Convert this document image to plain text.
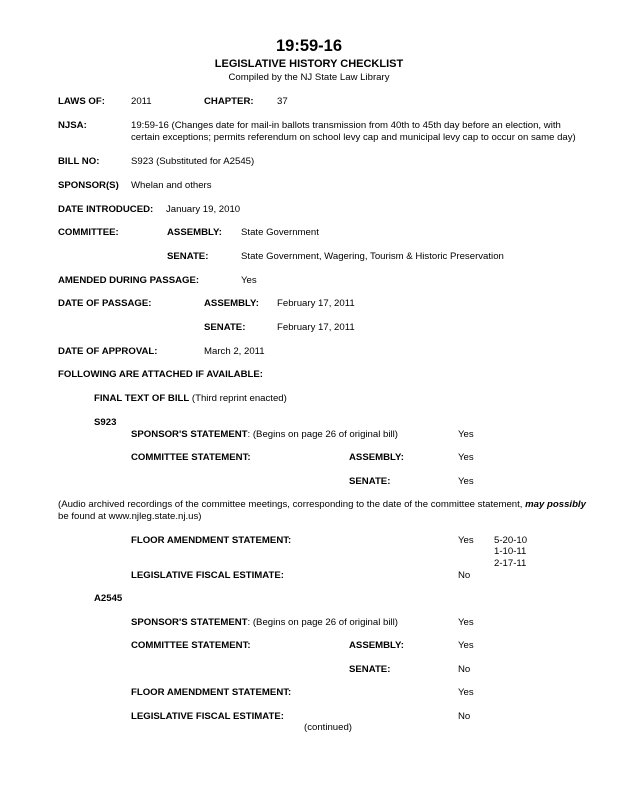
19:59-16
LEGISLATIVE HISTORY CHECKLIST
Compiled by the NJ State Law Library
LAWS OF:	2011	CHAPTER: 37
NJSA:	19:59-16 (Changes date for mail-in ballots transmission from 40th to 45th day before an election, with
certain exceptions; permits referendum on school levy cap and municipal levy cap to occur on same day)
BILL NO:	S923 (Substituted for A2545)
SPONSOR(S) Whelan and others
DATE INTRODUCED: January 19, 2010
COMMITTEE:	ASSEMBLY: State Government
SENATE:	State Government, Wagering, Tourism & Historic Preservation
AMENDED DURING PASSAGE:	Yes
DATE OF PASSAGE:	ASSEMBLY: February 17, 2011
SENATE:	February 17, 2011
DATE OF APPROVAL:	March 2, 2011
FOLLOWING ARE ATTACHED IF AVAILABLE:
FINAL TEXT OF BILL (Third reprint enacted)
S923
SPONSOR'S STATEMENT: (Begins on page 26 of original bill)	Yes
COMMITTEE STATEMENT:	ASSEMBLY:	Yes
SENATE:	Yes
(Audio archived recordings of the committee meetings, corresponding to the date of the committee statement, may possibly
be found at www.njleg.state.nj.us)
FLOOR AMENDMENT STATEMENT:	Yes 5-20-10
1-10-11
2-17-11
LEGISLATIVE FISCAL ESTIMATE:	No
A2545
SPONSOR'S STATEMENT: (Begins on page 26 of original bill)	Yes
COMMITTEE STATEMENT:	ASSEMBLY:	Yes
SENATE:	No
FLOOR AMENDMENT STATEMENT:	Yes
LEGISLATIVE FISCAL ESTIMATE:	No
(continued)
